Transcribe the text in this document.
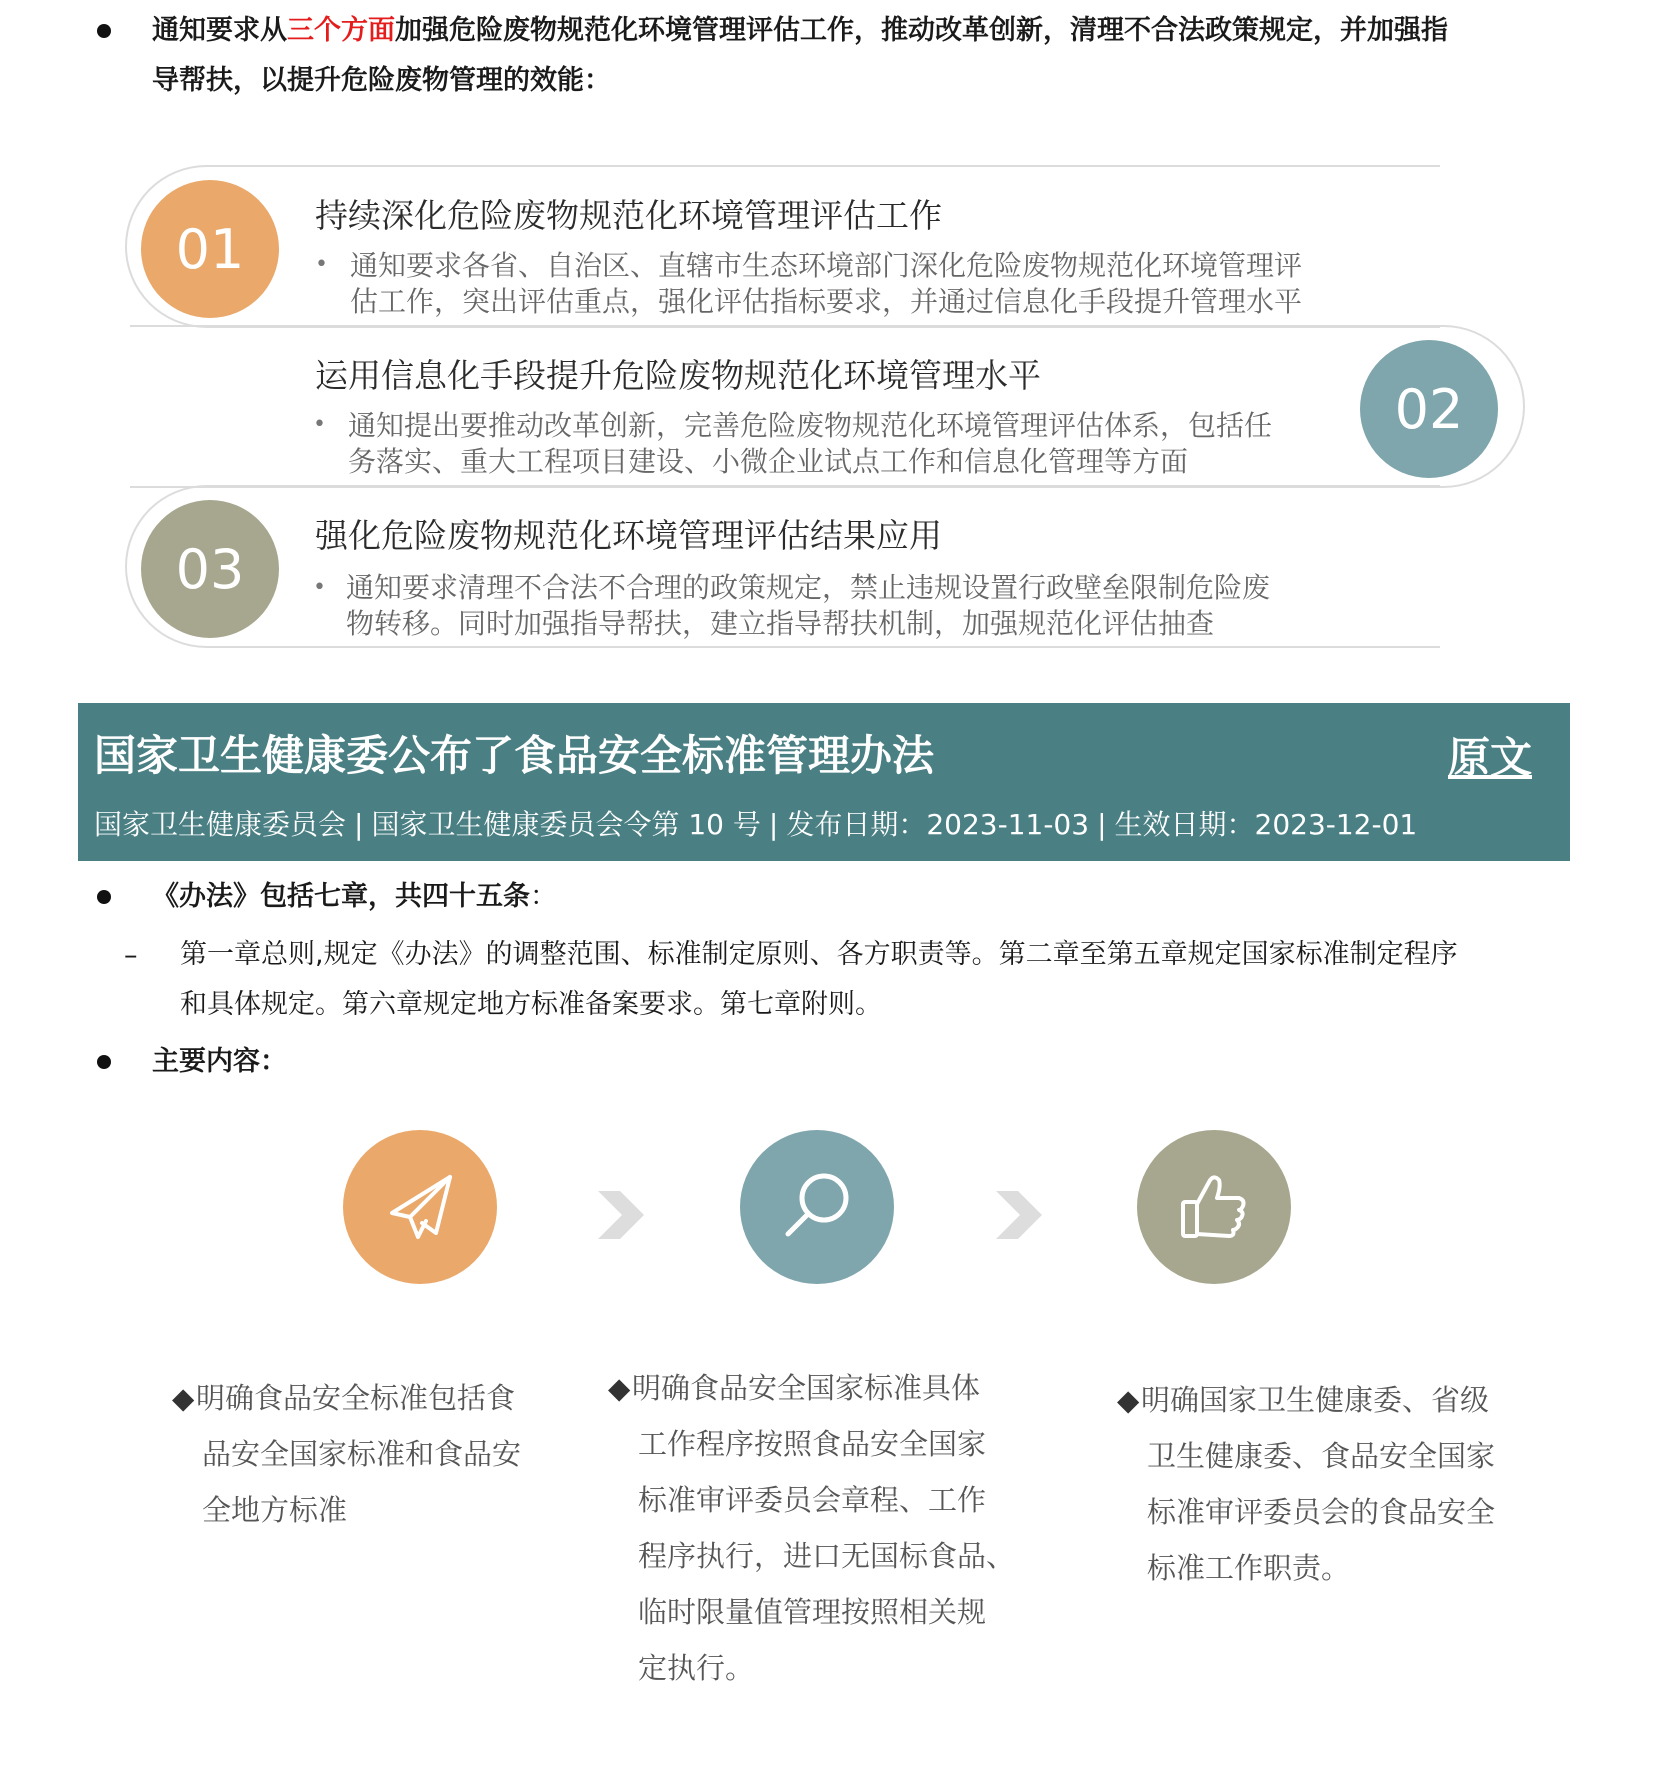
通知要求从三个方面加强危险废物规范化环境管理评估工作，推动改革创新，清理不合法政策规定，并加强指
导帮扶，以提升危险废物管理的效能：
01
持续深化危险废物规范化环境管理评估工作
• 通知要求各省、自治区、直辖市生态环境部门深化危险废物规范化环境管理评
估工作，突出评估重点，强化评估指标要求，并通过信息化手段提升管理水平
02
运用信息化手段提升危险废物规范化环境管理水平
• 通知提出要推动改革创新，完善危险废物规范化环境管理评估体系，包括任
务落实、重大工程项目建设、小微企业试点工作和信息化管理等方面
03
强化危险废物规范化环境管理评估结果应用
• 通知要求清理不合法不合理的政策规定，禁止违规设置行政壁垒限制危险废
物转移。同时加强指导帮扶，建立指导帮扶机制，加强规范化评估抽查
国家卫生健康委公布了食品安全标准管理办法	原文
国家卫生健康委员会 | 国家卫生健康委员会令第 10 号 | 发布日期：2023-11-03 | 生效日期：2023-12-01
《办法》包括七章，共四十五条：
– 第一章总则,规定《办法》的调整范围、标准制定原则、各方职责等。第二章至第五章规定国家标准制定程序
和具体规定。第六章规定地方标准备案要求。第七章附则。
主要内容：
◆明确食品安全标准包括食
品安全国家标准和食品安
全地方标准
◆明确食品安全国家标准具体
工作程序按照食品安全国家
标准审评委员会章程、工作
程序执行，进口无国标食品、
临时限量值管理按照相关规
定执行。
◆明确国家卫生健康委、省级
卫生健康委、食品安全国家
标准审评委员会的食品安全
标准工作职责。
